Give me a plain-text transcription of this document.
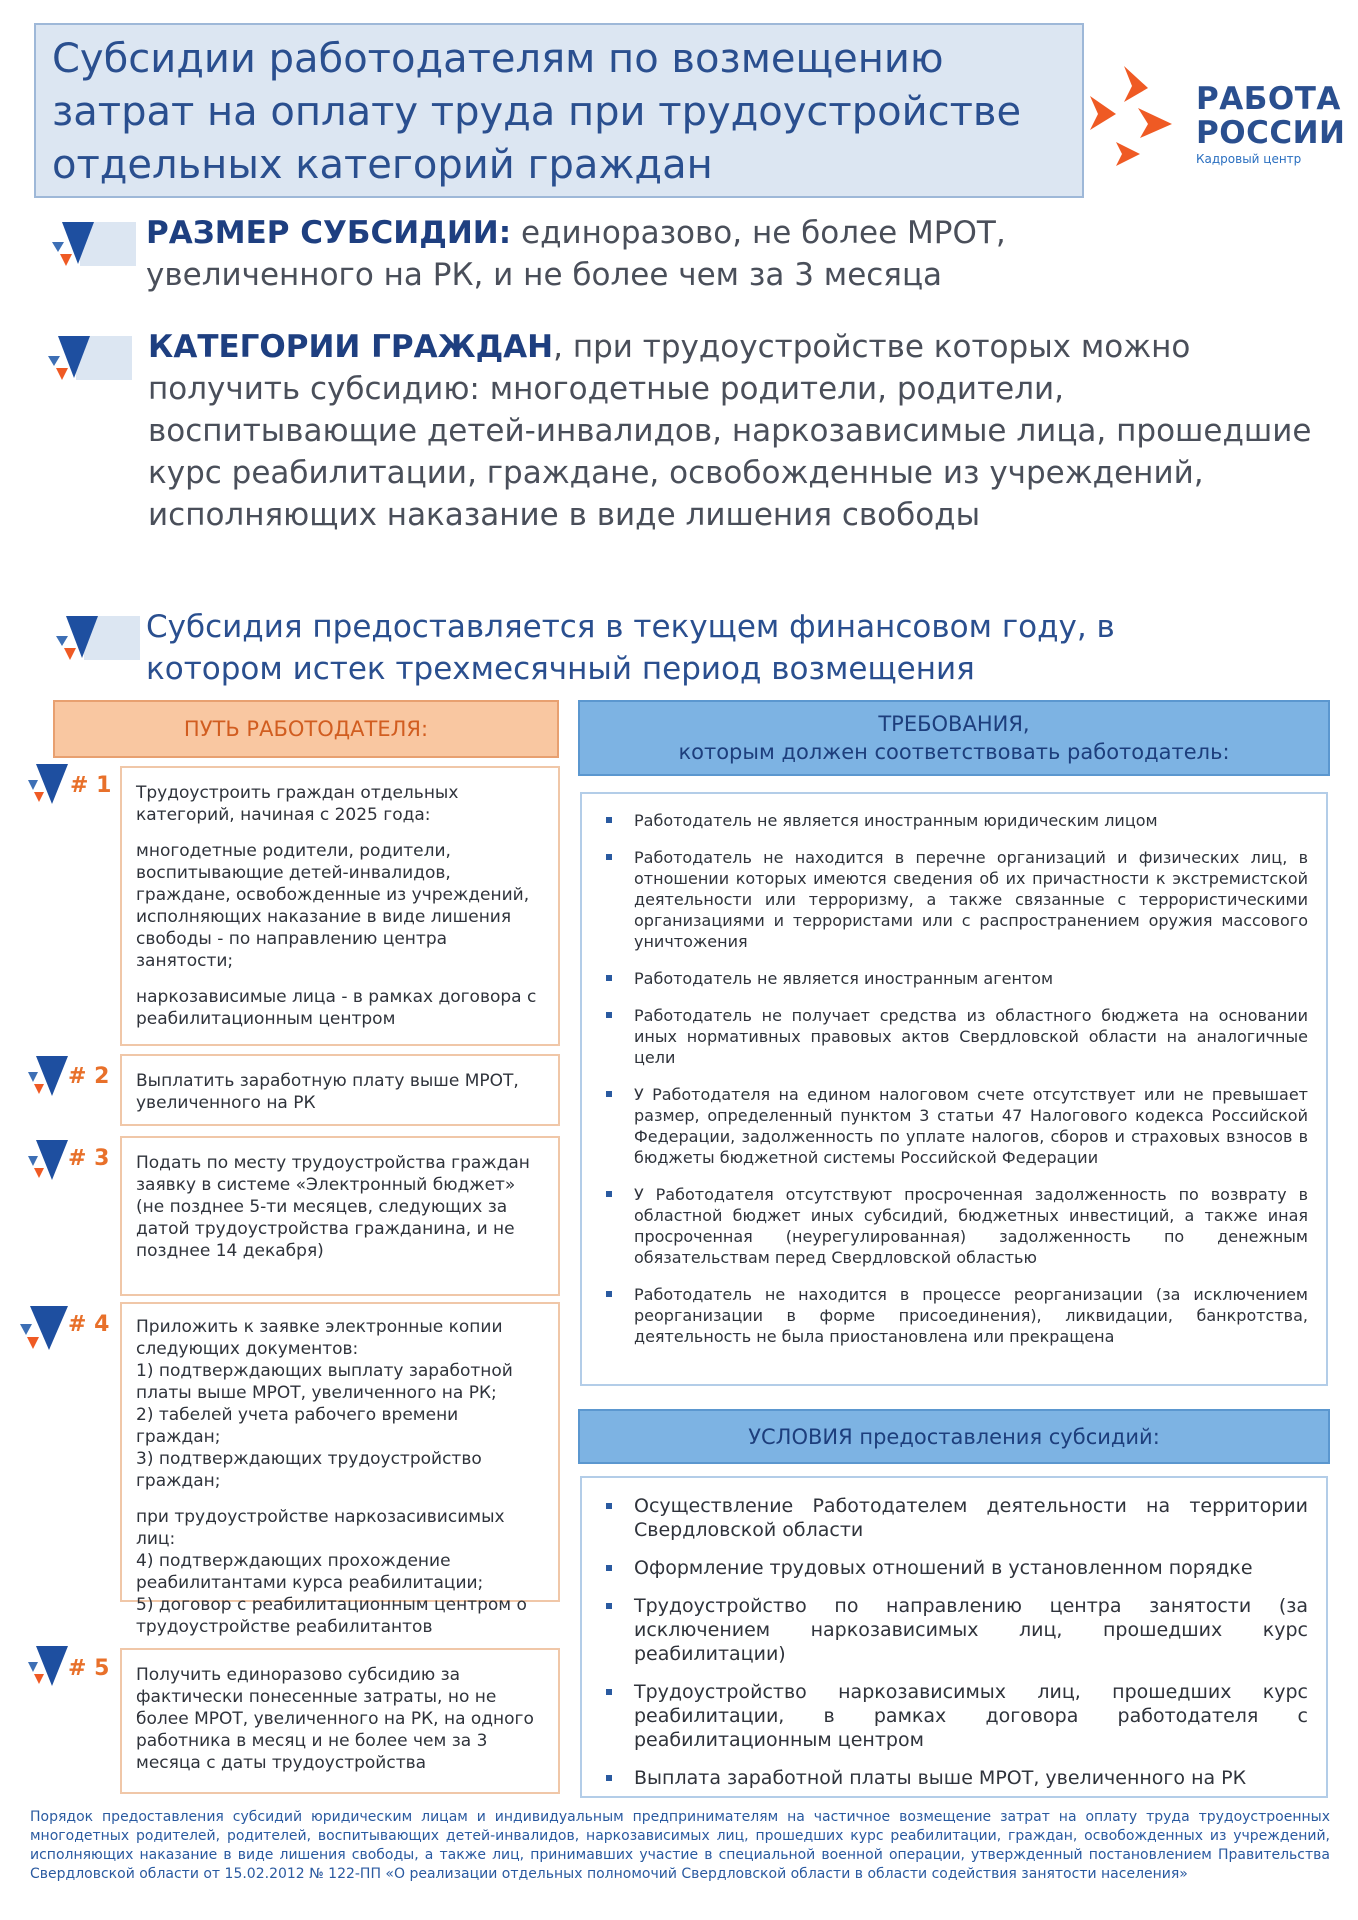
Субсидии работодателям по возмещению затрат на оплату труда при трудоустройстве отдельных категорий граждан
РАБОТА
РОССИИ
Кадровый центр
РАЗМЕР СУБСИДИИ: единоразово, не более МРОТ, увеличенного на РК, и не более чем за 3 месяца
КАТЕГОРИИ ГРАЖДАН, при трудоустройстве которых можно получить субсидию: многодетные родители, родители, воспитывающие детей-инвалидов, наркозависимые лица, прошедшие курс реабилитации, граждане, освобожденные из учреждений, исполняющих наказание в виде лишения свободы
Субсидия предоставляется в текущем финансовом году, в котором истек трехмесячный период возмещения
ПУТЬ РАБОТОДАТЕЛЯ:	ТРЕБОВАНИЯ,
которым должен соответствовать работодатель:
# 1 Трудоустроить граждан отдельных категорий, начиная с 2025 года:

многодетные родители, родители, воспитывающие детей-инвалидов, граждане, освобожденные из учреждений, исполняющих наказание в виде лишения свободы - по направлению центра занятости;

наркозависимые лица - в рамках договора с реабилитационным центром

# 2 Выплатить заработную плату выше МРОТ, увеличенного на РК

# 3 Подать по месту трудоустройства граждан заявку в системе «Электронный бюджет» (не позднее 5-ти месяцев, следующих за датой трудоустройства гражданина, и не позднее 14 декабря)

# 4 Приложить к заявке электронные копии следующих документов:
1) подтверждающих выплату заработной платы выше МРОТ, увеличенного на РК;
2) табелей учета рабочего времени граждан;
3) подтверждающих трудоустройство граждан;

при трудоустройстве наркозасивисимых лиц:
4) подтверждающих прохождение реабилитантами курса реабилитации;
5) договор с реабилитационным центром о трудоустройстве реабилитантов

# 5 Получить единоразово субсидию за фактически понесенные затраты, но не более МРОТ, увеличенного на РК, на одного работника в месяц и не более чем за 3 месяца с даты трудоустройства

Работодатель не является иностранным юридическим лицом
Работодатель не находится в перечне организаций и физических лиц, в отношении которых имеются сведения об их причастности к экстремистской деятельности или терроризму, а также связанные с террористическими организациями и террористами или с распространением оружия массового уничтожения
Работодатель не является иностранным агентом
Работодатель не получает средства из областного бюджета на основании иных нормативных правовых актов Свердловской области на аналогичные цели
У Работодателя на едином налоговом счете отсутствует или не превышает размер, определенный пунктом 3 статьи 47 Налогового кодекса Российской Федерации, задолженность по уплате налогов, сборов и страховых взносов в бюджеты бюджетной системы Российской Федерации
У Работодателя отсутствуют просроченная задолженность по возврату в областной бюджет иных субсидий, бюджетных инвестиций, а также иная просроченная (неурегулированная) задолженность по денежным обязательствам перед Свердловской областью
Работодатель не находится в процессе реорганизации (за исключением реорганизации в форме присоединения), ликвидации, банкротства, деятельность не была приостановлена или прекращена
УСЛОВИЯ предоставления субсидий:
Осуществление Работодателем деятельности на территории Свердловской области
Оформление трудовых отношений в установленном порядке
Трудоустройство по направлению центра занятости (за исключением наркозависимых лиц, прошедших курс реабилитации)
Трудоустройство наркозависимых лиц, прошедших курс реабилитации, в рамках договора работодателя с реабилитационным центром
Выплата заработной платы выше МРОТ, увеличенного на РК
Порядок предоставления субсидий юридическим лицам и индивидуальным предпринимателям на частичное возмещение затрат на оплату труда трудоустроенных многодетных родителей, родителей, воспитывающих детей-инвалидов, наркозависимых лиц, прошедших курс реабилитации, граждан, освобожденных из учреждений, исполняющих наказание в виде лишения свободы, а также лиц, принимавших участие в специальной военной операции, утвержденный постановлением Правительства Свердловской области от 15.02.2012 № 122-ПП «О реализации отдельных полномочий Свердловской области в области содействия занятости населения»
